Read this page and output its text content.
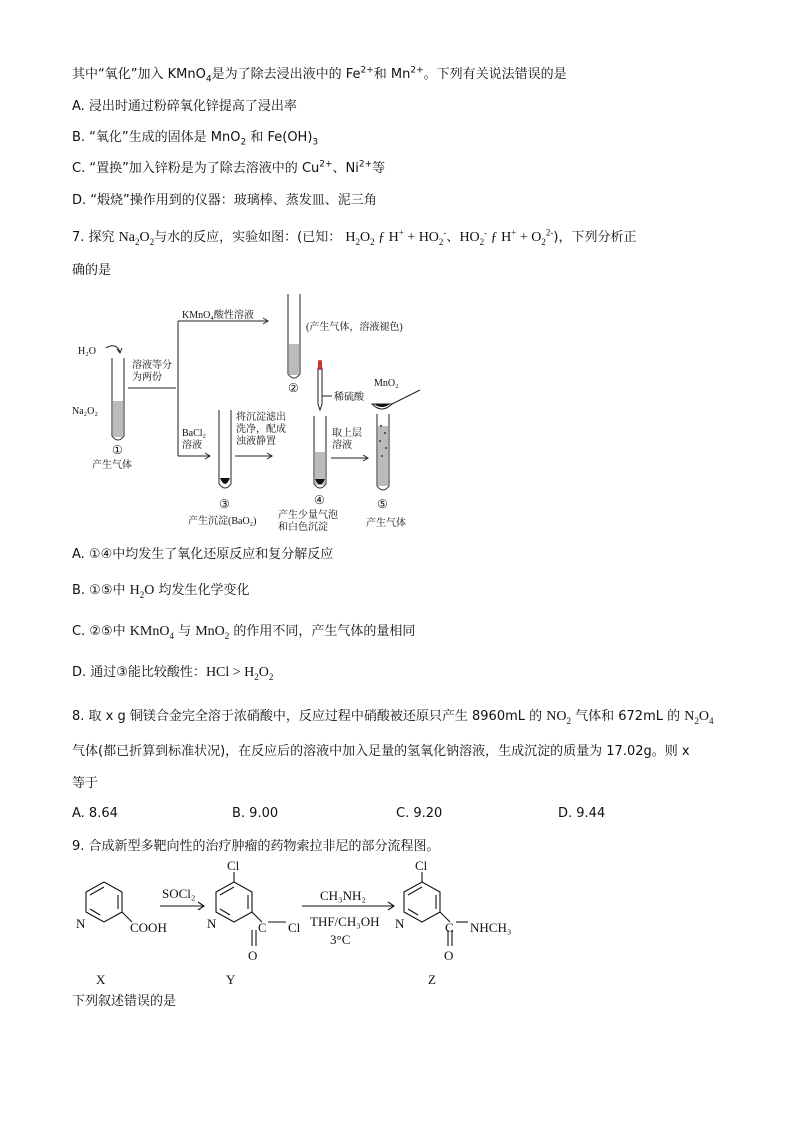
其中“氧化”加入 KMnO$_4$是为了除去浸出液中的 $Fe^{2+}$和 $Mn^{2+}$。下列有关说法错误的是
A. 浸出时通过粉碎氧化锌提高了浸出率
B. “氧化”生成的固体是 MnO$_2$ 和 $Fe(OH)_3$
C. “置换”加入锌粉是为了除去溶液中的 $Cu^{2+}$、$Ni^{2+}$等
D. “煅烧”操作用到的仪器：玻璃棒、蒸发皿、泥三角
7. 探究 $Na_2O_2$与水的反应，实验如图：(已知： $H_2O_2$ ƒ $H^+ + HO_2^-$、$HO_2^-$ ƒ $H^+ + O_2^{2-}$)，下列分析正
确的是
KMnO₄酸性溶液
(产生气体，溶液褪色)
H₂O
溶液等分
为两份
Na₂O₂
BaCl₂
溶液
将沉淀滤出
洗净，配成
浊液静置
稀硫酸
MnO₂
取上层
溶液
①
②
③	④	⑤
产生气体
产生沉淀(BaO₂)
产生少量气泡
和白色沉淀	产生气体
A. ①④中均发生了氧化还原反应和复分解反应
B. ①⑤中 $H_2O$ 均发生化学变化
C. ②⑤中 KMnO$_4$ 与 MnO$_2$ 的作用不同，产生气体的量相同
D. 通过③能比较酸性：HCl > $H_2O_2$
8. 取 x g 铜镁合金完全溶于浓硝酸中，反应过程中硝酸被还原只产生 8960mL 的 $NO_2$ 气体和 672mL 的 $N_2O_4$
气体(都已折算到标准状况)，在反应后的溶液中加入足量的氢氧化钠溶液，生成沉淀的质量为 17.02g。则 x
等于
A. 8.64	B. 9.00	C. 9.20	D. 9.44
9. 合成新型多靶向性的治疗肿瘤的药物索拉非尼的部分流程图。
N	COOH
SOCl₂
Cl
N	C Cl
O
CH₃NH₂
THF/CH₃OH
3°C
Cl
N	C NHCH₃
O
X	Y	Z
下列叙述错误的是
